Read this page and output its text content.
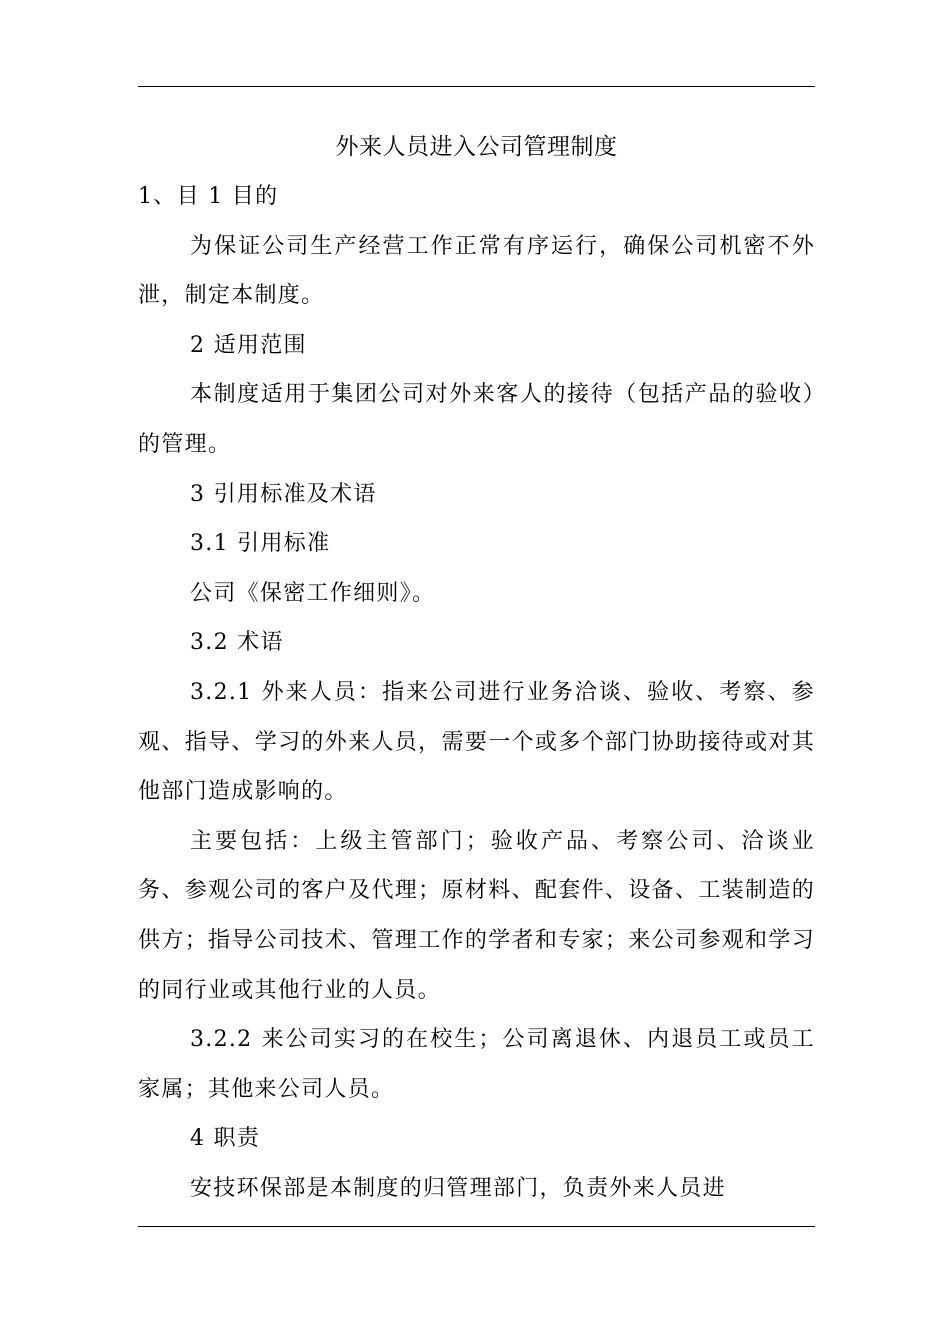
外来人员进入公司管理制度

1、目 1 目的

为保证公司生产经营工作正常有序运行，确保公司机密不外泄，制定本制度。

2 适用范围

本制度适用于集团公司对外来客人的接待（包括产品的验收）的管理。

3 引用标准及术语

3.1 引用标准

公司《保密工作细则》。

3.2 术语

3.2.1 外来人员：指来公司进行业务洽谈、验收、考察、参观、指导、学习的外来人员，需要一个或多个部门协助接待或对其他部门造成影响的。

主要包括：上级主管部门；验收产品、考察公司、洽谈业务、参观公司的客户及代理；原材料、配套件、设备、工装制造的供方；指导公司技术、管理工作的学者和专家；来公司参观和学习的同行业或其他行业的人员。

3.2.2 来公司实习的在校生；公司离退休、内退员工或员工家属；其他来公司人员。

4 职责

安技环保部是本制度的归管理部门，负责外来人员进
